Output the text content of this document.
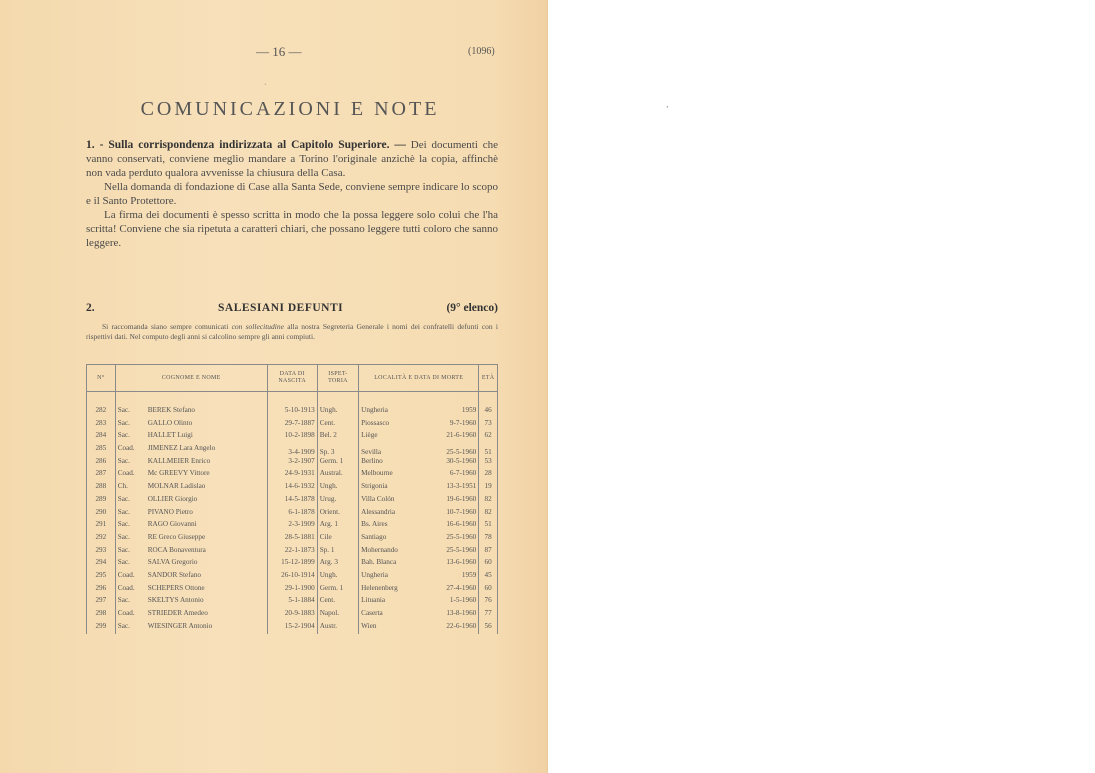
— 16 —	(1096)
COMUNICAZIONI E NOTE

1. - Sulla corrispondenza indirizzata al Capitolo Superiore. — Dei documenti che vanno conservati, conviene meglio mandare a Torino l'originale anzichè la copia, affinchè non vada perduto qualora avvenisse la chiusura della Casa.

Nella domanda di fondazione di Case alla Santa Sede, conviene sempre indicare lo scopo e il Santo Protettore.

La firma dei documenti è spesso scritta in modo che la possa leggere solo colui che l'ha scritta! Conviene che sia ripetuta a caratteri chiari, che possano leggere tutti coloro che sanno leggere.

2.	SALESIANI DEFUNTI	(9° elenco)
Si raccomanda siano sempre comunicati con sollecitudine alla nostra Segreteria Generale i nomi dei confratelli defunti con i rispettivi dati. Nel computo degli anni si calcolino sempre gli anni compiuti.
N°	COGNOME E NOME	DATA DI NASCITA	ISPET-TORIA	LOCALITÀ E DATA DI MORTE		ETÀ

282	Sac. BEREK Stefano	5-10-1913	Ungh.	Ungheria	1959	46
283	Sac. GALLO Olinto	29-7-1887	Cent.	Piossasco	9-7-1960	73
284	Sac. HALLET Luigi	10-2-1898	Bel. 2	Liège	21-6-1960	62
285	Coad. JIMENEZ Lara Angelo	3-4-1909	Sp. 3	Sevilla	25-5-1960	51
286	Sac. KALLMEIER Enrico	3-2-1907	Germ. 1	Berlino	30-5-1960	53
287	Coad. Mc GREEVY Vittore	24-9-1931	Austral.	Melbourne	6-7-1960	28
288	Ch. MOLNAR Ladislao	14-6-1932	Ungh.	Strigonia	13-3-1951	19
289	Sac. OLLIER Giorgio	14-5-1878	Urug.	Villa Colón	19-6-1960	82
290	Sac. PIVANO Pietro	6-1-1878	Orient.	Alessandria	10-7-1960	82
291	Sac. RAGO Giovanni	2-3-1909	Arg. 1	Bs. Aires	16-6-1960	51
292	Sac. RE Greco Giuseppe	28-5-1881	Cile	Santiago	25-5-1960	78
293	Sac. ROCA Bonaventura	22-1-1873	Sp. 1	Mohernando	25-5-1960	87
294	Sac. SALVA Gregorio	15-12-1899	Arg. 3	Bah. Blanca	13-6-1960	60
295	Coad. SANDOR Stefano	26-10-1914	Ungh.	Ungheria	1959	45
296	Coad. SCHEPERS Ottone	29-1-1900	Germ. 1	Helenenberg	27-4-1960	60
297	Sac. SKELTYS Antonio	5-1-1884	Cent.	Lituania	1-5-1960	76
298	Coad. STRIEDER Amedeo	20-9-1883	Napol.	Caserta	13-8-1960	77
299	Sac. WIESINGER Antonio	15-2-1904	Austr.	Wien	22-6-1960	56
ˎ
‚
